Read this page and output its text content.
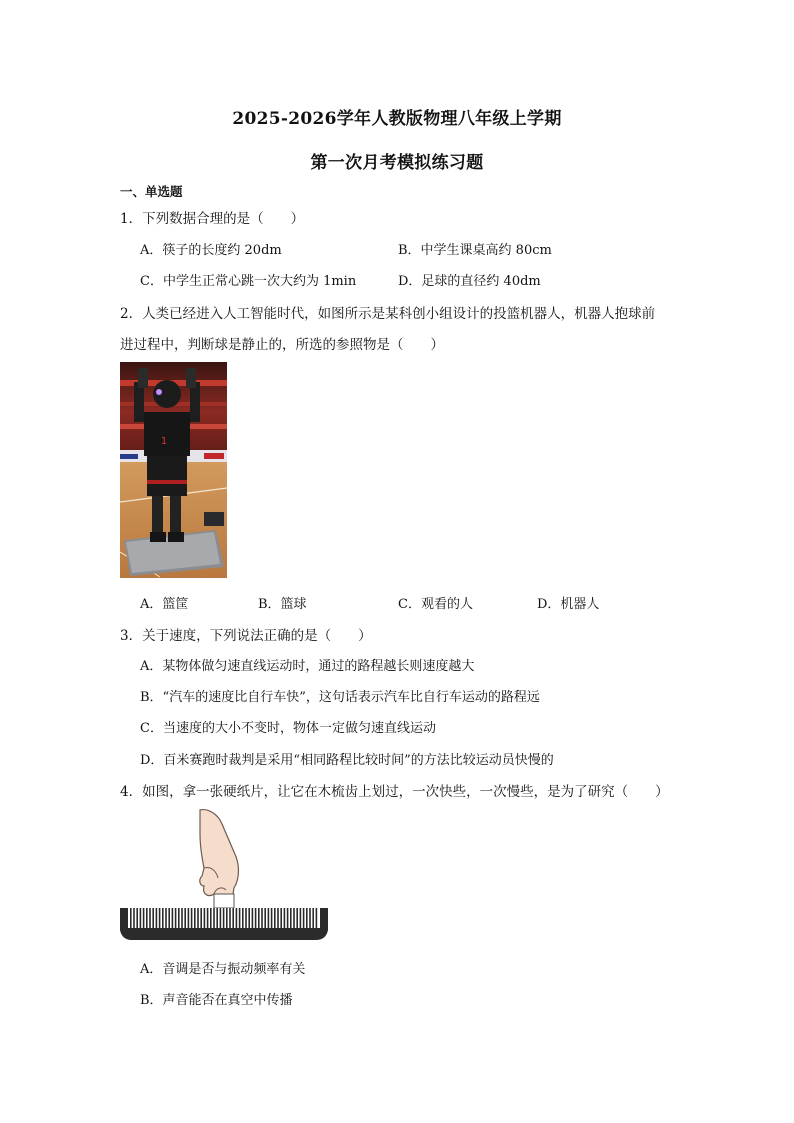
2025-2026学年人教版物理八年级上学期
第一次月考模拟练习题
一、单选题
1．下列数据合理的是（　　）
A．筷子的长度约 20dm	B．中学生课桌高约 80cm
C．中学生正常心跳一次大约为 1min	D．足球的直径约 40dm
2．人类已经进入人工智能时代，如图所示是某科创小组设计的投篮机器人，机器人抱球前
进过程中，判断球是静止的，所选的参照物是（　　）
1
A．篮筐	B．篮球	C．观看的人	D．机器人
3．关于速度，下列说法正确的是（　　）
A．某物体做匀速直线运动时，通过的路程越长则速度越大
B．“汽车的速度比自行车快”，这句话表示汽车比自行车运动的路程远
C．当速度的大小不变时，物体一定做匀速直线运动
D．百米赛跑时裁判是采用“相同路程比较时间”的方法比较运动员快慢的
4．如图，拿一张硬纸片，让它在木梳齿上划过，一次快些，一次慢些，是为了研究（　　）
A．音调是否与振动频率有关
B．声音能否在真空中传播
